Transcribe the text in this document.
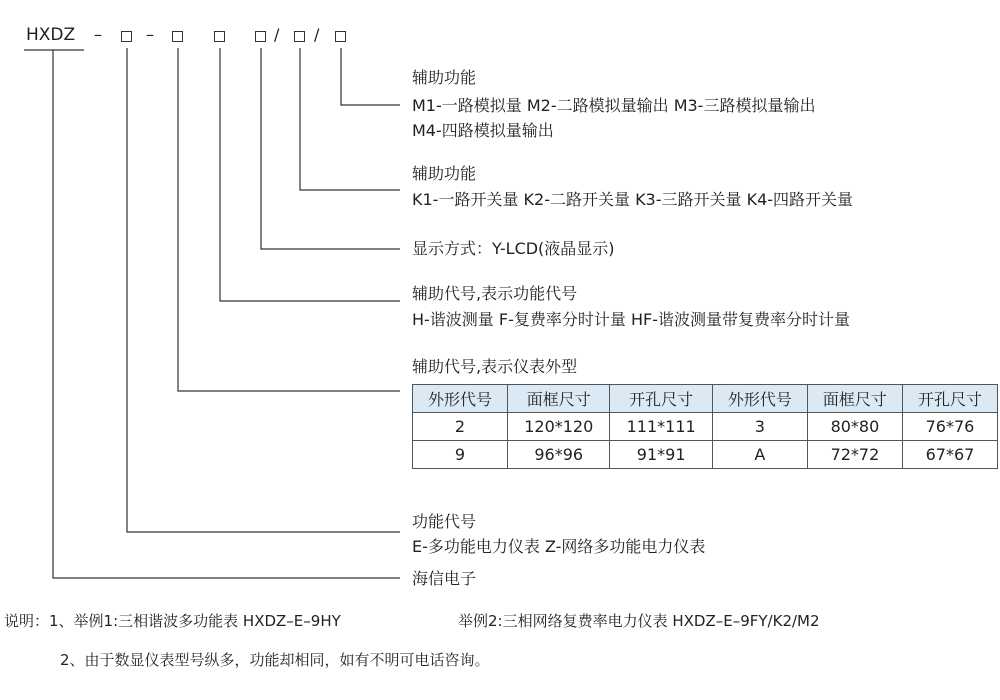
HXDZ –	–	/ /
辅助功能
M1-一路模拟量 M2-二路模拟量输出 M3-三路模拟量输出
M4-四路模拟量输出
辅助功能
K1-一路开关量 K2-二路开关量 K3-三路开关量 K4-四路开关量
显示方式：Y-LCD(液晶显示)
辅助代号,表示功能代号
H-谐波测量 F-复费率分时计量 HF-谐波测量带复费率分时计量
辅助代号,表示仪表外型
外形代号	面框尺寸	开孔尺寸	外形代号	面框尺寸	开孔尺寸
2	120*120	111*111	3	80*80	76*76
9	96*96	91*91	A	72*72	67*67
功能代号
E-多功能电力仪表 Z-网络多功能电力仪表
海信电子
说明：1、举例1:三相谐波多功能表 HXDZ–E–9HY	举例2:三相网络复费率电力仪表 HXDZ–E–9FY/K2/M2
2、由于数显仪表型号纵多，功能却相同，如有不明可电话咨询。
